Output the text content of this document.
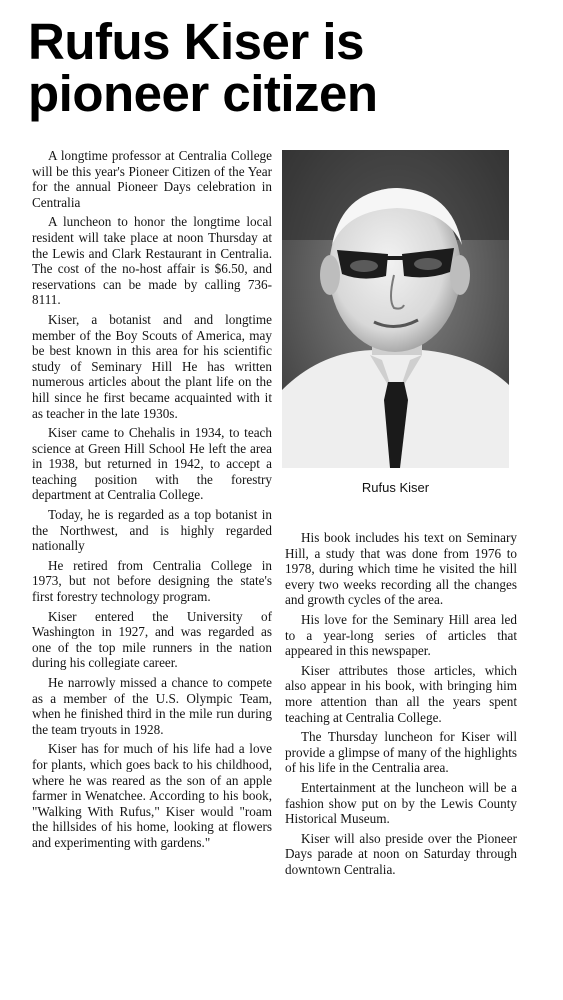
Rufus Kiser is
pioneer citizen

A longtime professor at Centralia College will be this year's Pioneer Citizen of the Year for the annual Pioneer Days celebration in Centralia

A luncheon to honor the longtime local resident will take place at noon Thursday at the Lewis and Clark Restaurant in Centralia. The cost of the no-host affair is $6.50, and reservations can be made by calling 736-8111.

Kiser, a botanist and and longtime member of the Boy Scouts of America, may be best known in this area for his scientific study of Seminary Hill He has written numerous articles about the plant life on the hill since he first became acquainted with it as teacher in the late 1930s.

Kiser came to Chehalis in 1934, to teach science at Green Hill School He left the area in 1938, but returned in 1942, to accept a teaching position with the forestry department at Centralia College.

Today, he is regarded as a top botanist in the Northwest, and is highly regarded nationally

He retired from Centralia College in 1973, but not before designing the state's first forestry technology program.

Kiser entered the University of Washington in 1927, and was regarded as one of the top mile runners in the nation during his collegiate career.

He narrowly missed a chance to compete as a member of the U.S. Olympic Team, when he finished third in the mile run during the team tryouts in 1928.

Kiser has for much of his life had a love for plants, which goes back to his childhood, where he was reared as the son of an apple farmer in Wenatchee. According to his book, "Walking With Rufus," Kiser would "roam the hillsides of his home, looking at flowers and experimenting with gardens."

Rufus Kiser

His book includes his text on Seminary Hill, a study that was done from 1976 to 1978, during which time he visited the hill every two weeks recording all the changes and growth cycles of the area.

His love for the Seminary Hill area led to a year-long series of articles that appeared in this newspaper.

Kiser attributes those articles, which also appear in his book, with bringing him more attention than all the years spent teaching at Centralia College.

The Thursday luncheon for Kiser will provide a glimpse of many of the highlights of his life in the Centralia area.

Entertainment at the luncheon will be a fashion show put on by the Lewis County Historical Museum.

Kiser will also preside over the Pioneer Days parade at noon on Saturday through downtown Centralia.
